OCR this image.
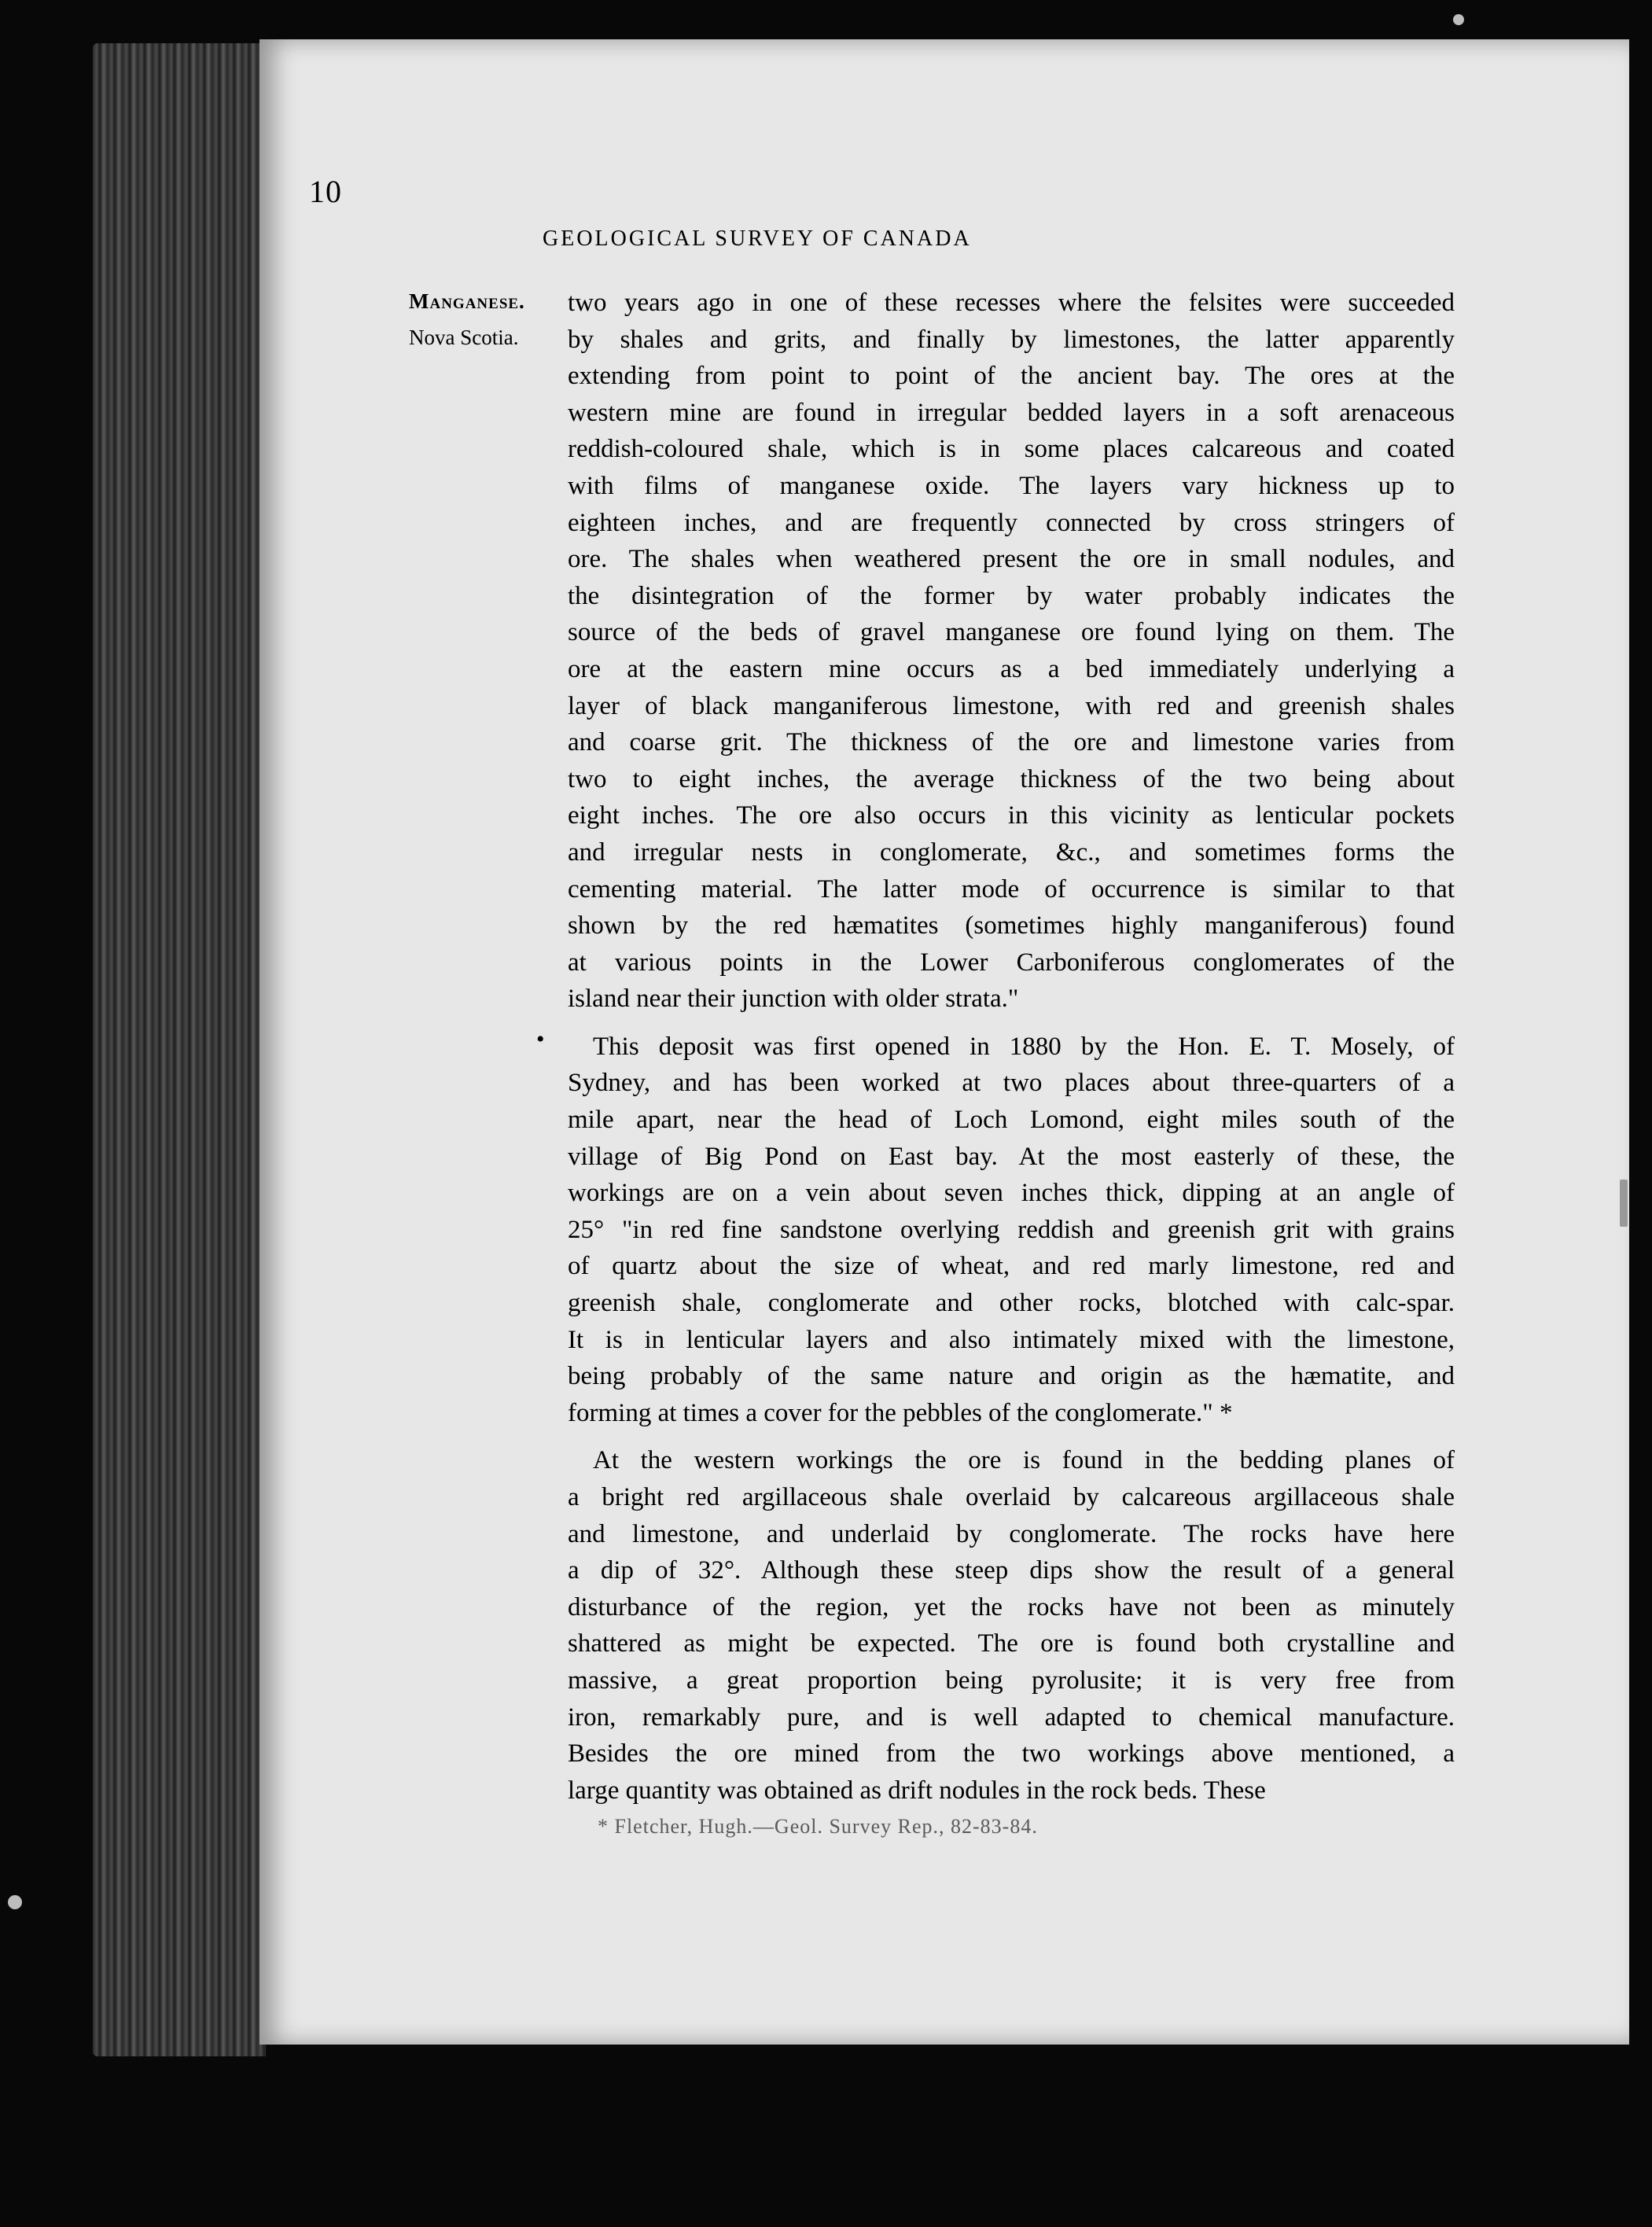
10
GEOLOGICAL SURVEY OF CANADA
Manganese.
Nova Scotia.
•
two years ago in one of these recesses where the felsites were succeeded
by shales and grits, and finally by limestones, the latter apparently
extending from point to point of the ancient bay. The ores at the
western mine are found in irregular bedded layers in a soft arenaceous
reddish-coloured shale, which is in some places calcareous and coated
with films of manganese oxide. The layers vary hickness up to
eighteen inches, and are frequently connected by cross stringers of
ore. The shales when weathered present the ore in small nodules, and
the disintegration of the former by water probably indicates the
source of the beds of gravel manganese ore found lying on them. The
ore at the eastern mine occurs as a bed immediately underlying a
layer of black manganiferous limestone, with red and greenish shales
and coarse grit. The thickness of the ore and limestone varies from
two to eight inches, the average thickness of the two being about
eight inches. The ore also occurs in this vicinity as lenticular pockets
and irregular nests in conglomerate, &c., and sometimes forms the
cementing material. The latter mode of occurrence is similar to that
shown by the red hæmatites (sometimes highly manganiferous) found
at various points in the Lower Carboniferous conglomerates of the
island near their junction with older strata."
This deposit was first opened in 1880 by the Hon. E. T. Mosely, of
Sydney, and has been worked at two places about three-quarters of a
mile apart, near the head of Loch Lomond, eight miles south of the
village of Big Pond on East bay. At the most easterly of these, the
workings are on a vein about seven inches thick, dipping at an angle of
25° "in red fine sandstone overlying reddish and greenish grit with grains
of quartz about the size of wheat, and red marly limestone, red and
greenish shale, conglomerate and other rocks, blotched with calc-spar.
It is in lenticular layers and also intimately mixed with the limestone,
being probably of the same nature and origin as the hæmatite, and
forming at times a cover for the pebbles of the conglomerate." *
At the western workings the ore is found in the bedding planes of
a bright red argillaceous shale overlaid by calcareous argillaceous shale
and limestone, and underlaid by conglomerate. The rocks have here
a dip of 32°. Although these steep dips show the result of a general
disturbance of the region, yet the rocks have not been as minutely
shattered as might be expected. The ore is found both crystalline and
massive, a great proportion being pyrolusite; it is very free from
iron, remarkably pure, and is well adapted to chemical manufacture.
Besides the ore mined from the two workings above mentioned, a
large quantity was obtained as drift nodules in the rock beds. These
* Fletcher, Hugh.—Geol. Survey Rep., 82-83-84.
